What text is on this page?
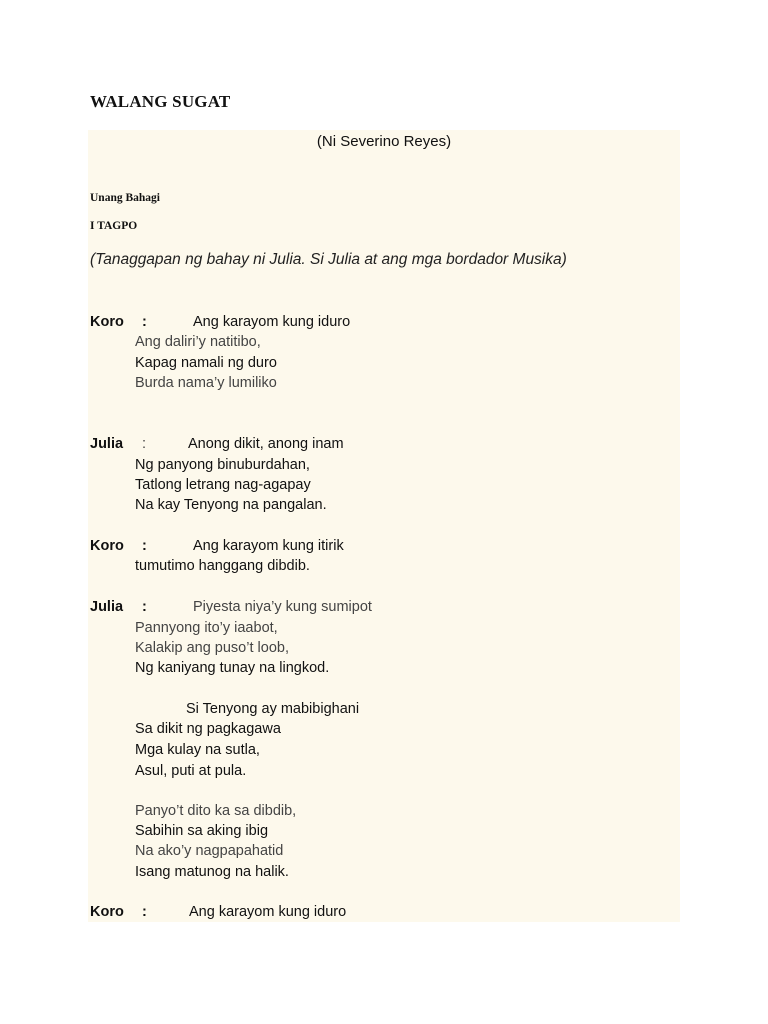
WALANG SUGAT
(Ni Severino Reyes)
Unang Bahagi
I TAGPO
(Tanaggapan ng bahay ni Julia. Si Julia at ang mga bordador Musika)
Koro :	Ang karayom kung iduro
Ang daliri’y natitibo,
Kapag namali ng duro
Burda nama’y lumiliko
Julia :	Anong dikit, anong inam
Ng panyong binuburdahan,
Tatlong letrang nag-agapay
Na kay Tenyong na pangalan.
Koro :	Ang karayom kung itirik
tumutimo hanggang dibdib.
Julia :	Piyesta niya’y kung sumipot
Pannyong ito’y iaabot,
Kalakip ang puso’t loob,
Ng kaniyang tunay na lingkod.
Si Tenyong ay mabibighani
Sa dikit ng pagkagawa
Mga kulay na sutla,
Asul, puti at pula.
Panyo’t dito ka sa dibdib,
Sabihin sa aking ibig
Na ako’y nagpapahatid
Isang matunog na halik.
Koro :	Ang karayom kung iduro
